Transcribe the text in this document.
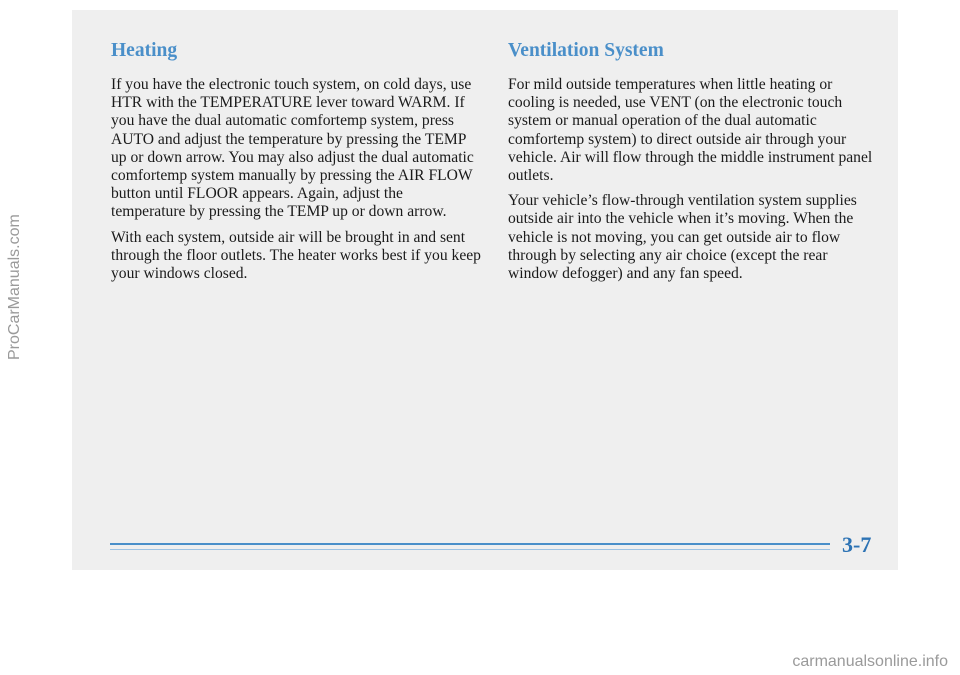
Heating

If you have the electronic touch system, on cold days, use HTR with the TEMPERATURE lever toward WARM. If you have the dual automatic comfortemp system, press AUTO and adjust the temperature by pressing the TEMP up or down arrow. You may also adjust the dual automatic comfortemp system manually by pressing the AIR FLOW button until FLOOR appears. Again, adjust the temperature by pressing the TEMP up or down arrow.

With each system, outside air will be brought in and sent through the floor outlets. The heater works best if you keep your windows closed.

Ventilation System

For mild outside temperatures when little heating or cooling is needed, use VENT (on the electronic touch system or manual operation of the dual automatic comfortemp system) to direct outside air through your vehicle. Air will flow through the middle instrument panel outlets.

Your vehicle’s flow-through ventilation system supplies outside air into the vehicle when it’s moving. When the vehicle is not moving, you can get outside air to flow through by selecting any air choice (except the rear window defogger) and any fan speed.

3-7
ProCarManuals.com
carmanualsonline.info
